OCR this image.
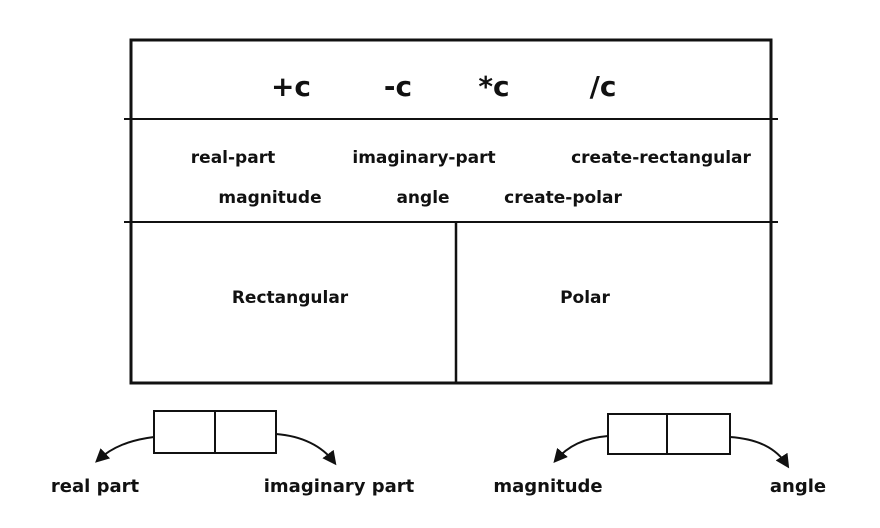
+c	-c *c	/c
real-part	imaginary-part	create-rectangular
magnitude	angle	create-polar
Rectangular	Polar
real part	imaginary part	magnitude	angle
